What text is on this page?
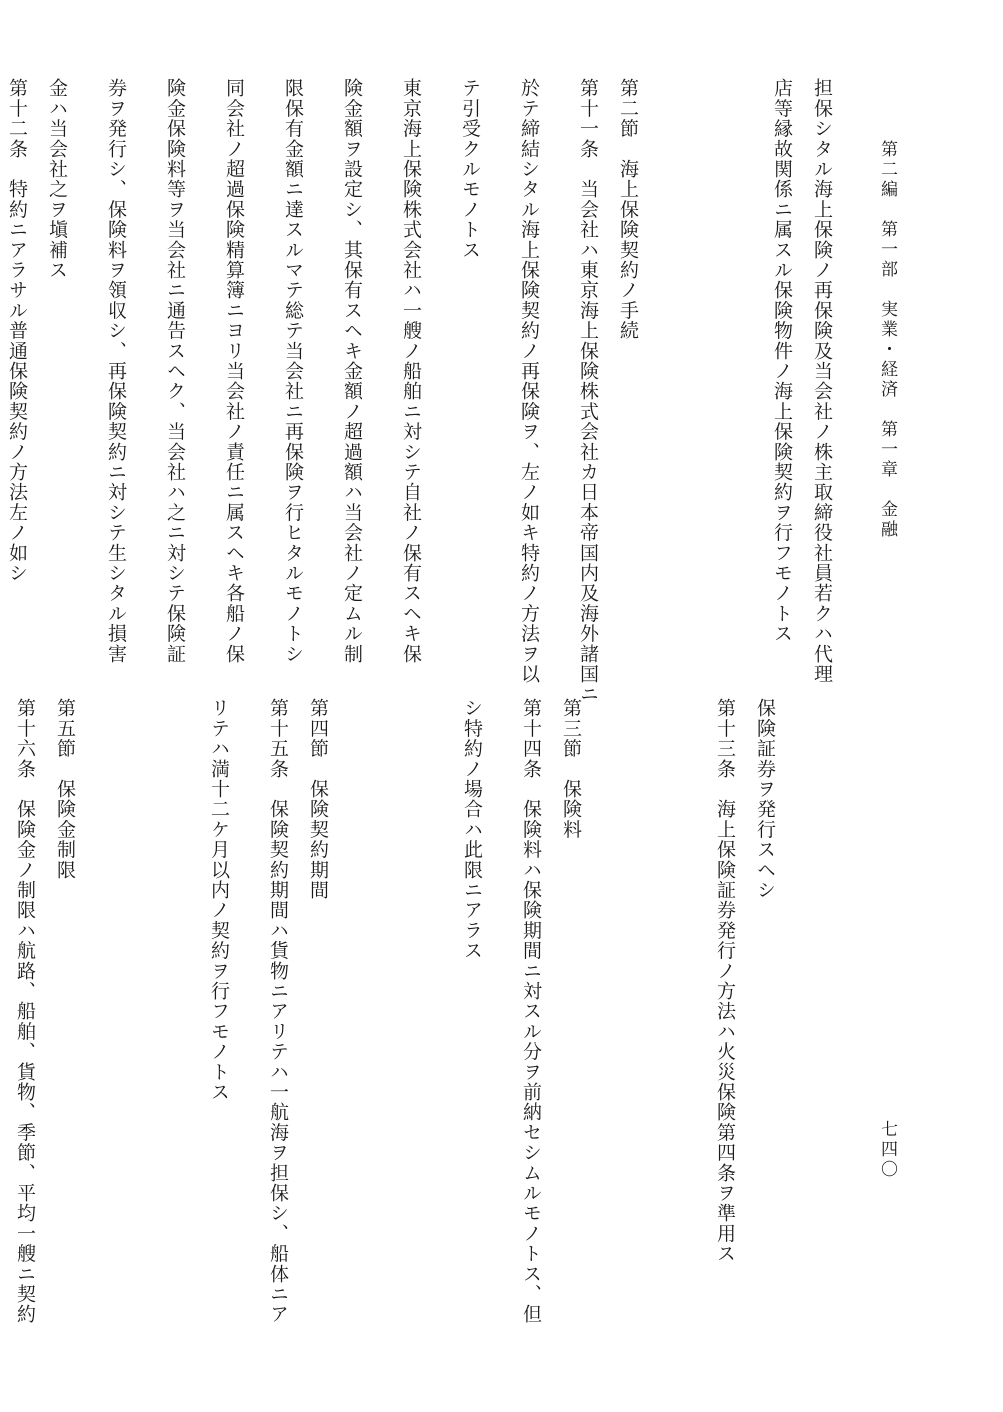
第二編　第一部　実業・経済　第一章　金融
担保シタル海上保険ノ再保険及当会社ノ株主取締役社員若クハ代理
店等縁故関係ニ属スル保険物件ノ海上保険契約ヲ行フモノトス
第二節　海上保険契約ノ手続
第十一条　当会社ハ東京海上保険株式会社カ日本帝国内及海外諸国ニ
於テ締結シタル海上保険契約ノ再保険ヲ、左ノ如キ特約ノ方法ヲ以
テ引受クルモノトス
東京海上保険株式会社ハ一艘ノ船舶ニ対シテ自社ノ保有スヘキ保
険金額ヲ設定シ、其保有スヘキ金額ノ超過額ハ当会社ノ定ムル制
限保有金額ニ達スルマテ総テ当会社ニ再保険ヲ行ヒタルモノトシ
同会社ノ超過保険精算簿ニヨリ当会社ノ責任ニ属スヘキ各船ノ保
険金保険料等ヲ当会社ニ通告スヘク、当会社ハ之ニ対シテ保険証
券ヲ発行シ、保険料ヲ領収シ、再保険契約ニ対シテ生シタル損害
金ハ当会社之ヲ塡補ス
第十二条　特約ニアラサル普通保険契約ノ方法左ノ如シ
保険証券ヲ発行スヘシ
第十三条　海上保険証券発行ノ方法ハ火災保険第四条ヲ準用ス
第三節　保険料
第十四条　保険料ハ保険期間ニ対スル分ヲ前納セシムルモノトス、但
シ特約ノ場合ハ此限ニアラス
第四節　保険契約期間
第十五条　保険契約期間ハ貨物ニアリテハ一航海ヲ担保シ、船体ニア
リテハ満十二ケ月以内ノ契約ヲ行フモノトス
第五節　保険金制限
第十六条　保険金ノ制限ハ航路、船舶、貨物、季節、平均一艘ニ契約	七四〇
